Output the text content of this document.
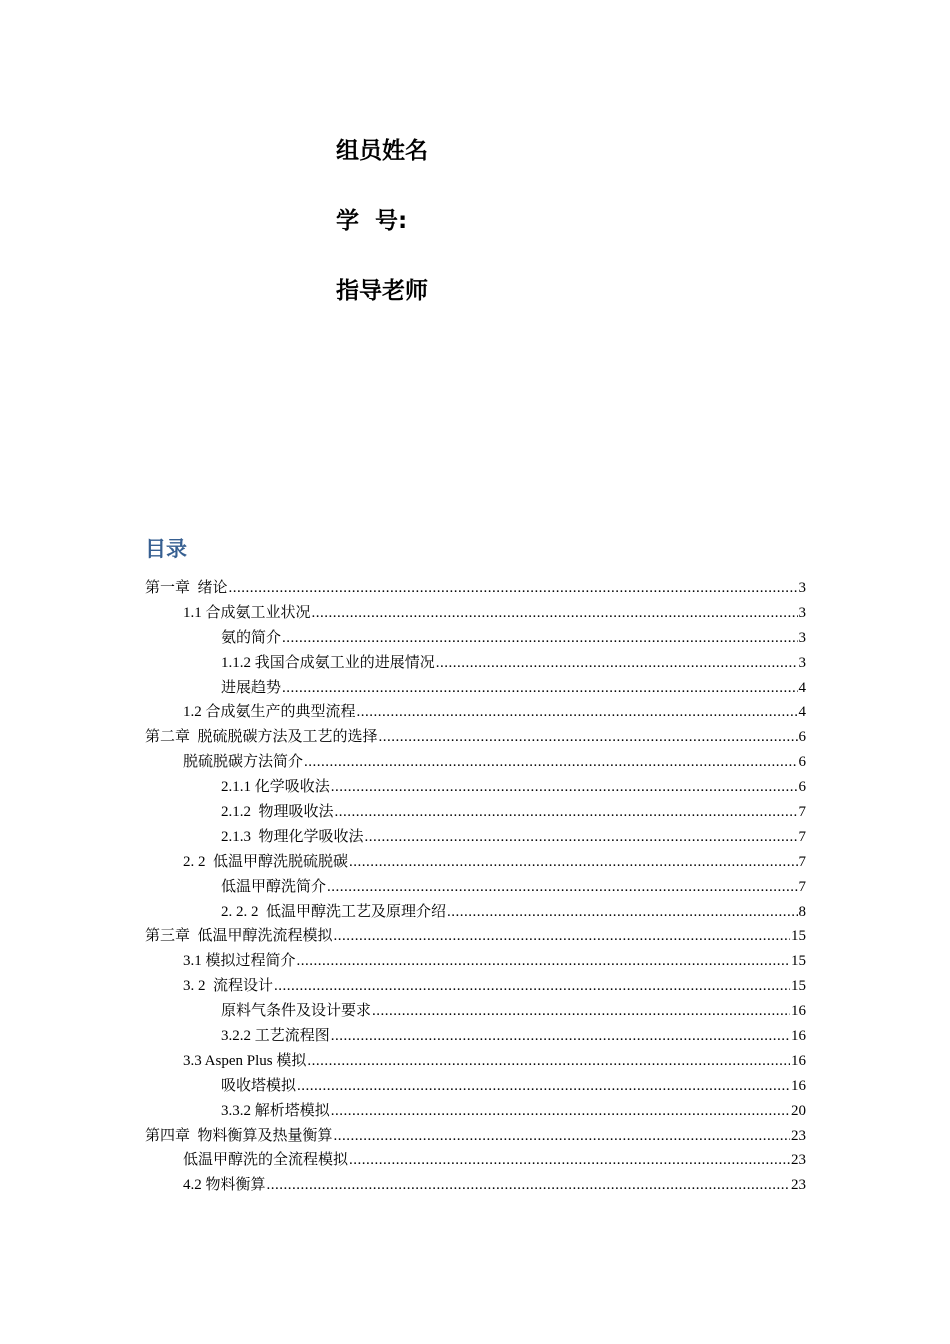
组员姓名
学  号:
指导老师
目录
第一章  绪论 .....	3
1.1 合成氨工业状况 .....	3
氨的简介 .....	3
1.1.2 我国合成氨工业的进展情况 .....	3
进展趋势 .....	4
1.2 合成氨生产的典型流程 .....	4
第二章  脱硫脱碳方法及工艺的选择 .....	6
脱硫脱碳方法简介 .....	6
2.1.1 化学吸收法 .....	6
2.1.2  物理吸收法 .....	7
2.1.3  物理化学吸收法 .....	7
2. 2  低温甲醇洗脱硫脱碳 .....	7
低温甲醇洗简介 .....	7
2. 2. 2  低温甲醇洗工艺及原理介绍 .....	8
第三章  低温甲醇洗流程模拟 .....	15
3.1 模拟过程简介 .....	15
3. 2  流程设计 .....	15
原料气条件及设计要求 .....	16
3.2.2 工艺流程图 .....	16
3.3 Aspen Plus 模拟 .....	16
吸收塔模拟 .....	16
3.3.2 解析塔模拟 .....	20
第四章  物料衡算及热量衡算 .....	23
低温甲醇洗的全流程模拟 .....	23
4.2 物料衡算 .....	23
